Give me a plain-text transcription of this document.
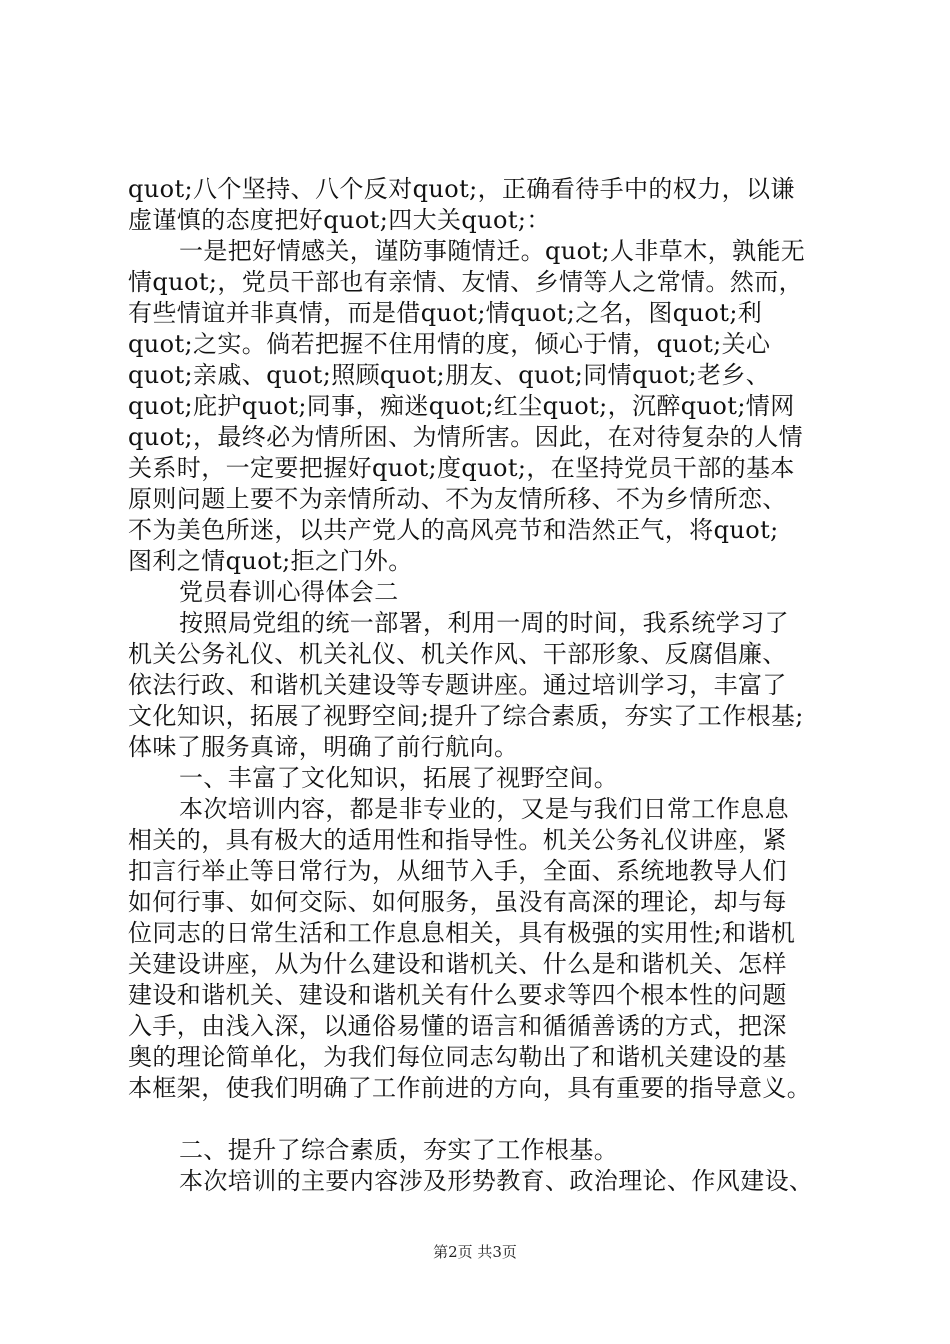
quot;八个坚持、八个反对quot;，正确看待手中的权力，以谦
虚谨慎的态度把好quot;四大关quot;：
一是把好情感关，谨防事随情迁。quot;人非草木，孰能无
情quot;，党员干部也有亲情、友情、乡情等人之常情。然而，
有些情谊并非真情，而是借quot;情quot;之名，图quot;利
quot;之实。倘若把握不住用情的度，倾心于情，quot;关心
quot;亲戚、quot;照顾quot;朋友、quot;同情quot;老乡、
quot;庇护quot;同事，痴迷quot;红尘quot;，沉醉quot;情网
quot;，最终必为情所困、为情所害。因此，在对待复杂的人情
关系时，一定要把握好quot;度quot;，在坚持党员干部的基本
原则问题上要不为亲情所动、不为友情所移、不为乡情所恋、
不为美色所迷，以共产党人的高风亮节和浩然正气，将quot;
图利之情quot;拒之门外。
党员春训心得体会二
按照局党组的统一部署，利用一周的时间，我系统学习了
机关公务礼仪、机关礼仪、机关作风、干部形象、反腐倡廉、
依法行政、和谐机关建设等专题讲座。通过培训学习，丰富了
文化知识，拓展了视野空间;提升了综合素质，夯实了工作根基;
体味了服务真谛，明确了前行航向。
一、丰富了文化知识，拓展了视野空间。
本次培训内容，都是非专业的，又是与我们日常工作息息
相关的，具有极大的适用性和指导性。机关公务礼仪讲座，紧
扣言行举止等日常行为，从细节入手，全面、系统地教导人们
如何行事、如何交际、如何服务，虽没有高深的理论，却与每
位同志的日常生活和工作息息相关，具有极强的实用性;和谐机
关建设讲座，从为什么建设和谐机关、什么是和谐机关、怎样
建设和谐机关、建设和谐机关有什么要求等四个根本性的问题
入手，由浅入深，以通俗易懂的语言和循循善诱的方式，把深
奥的理论简单化，为我们每位同志勾勒出了和谐机关建设的基
本框架，使我们明确了工作前进的方向，具有重要的指导意义。
二、提升了综合素质，夯实了工作根基。
本次培训的主要内容涉及形势教育、政治理论、作风建设、
第2页 共3页
